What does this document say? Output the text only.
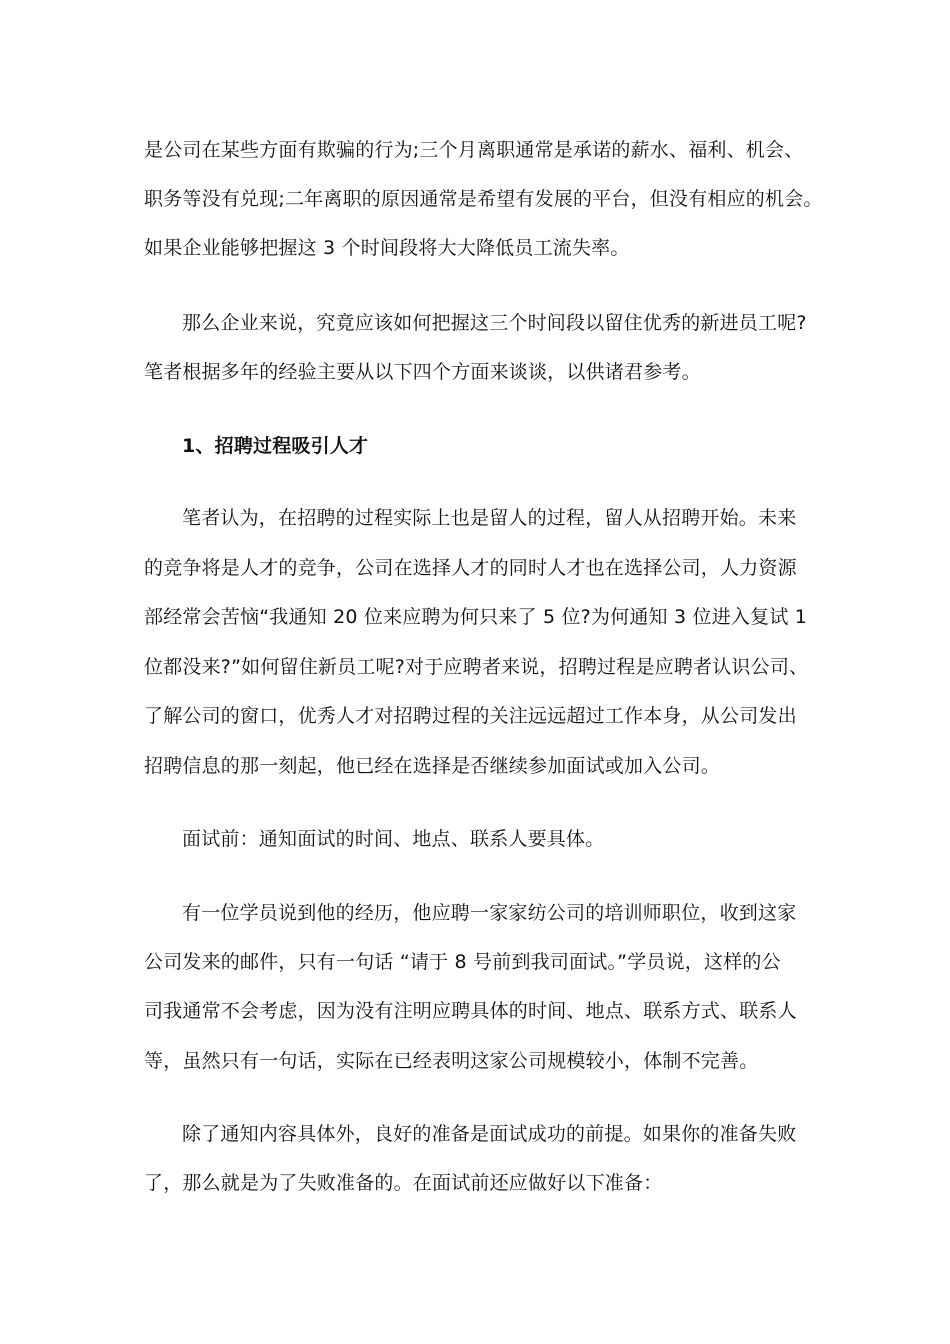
是公司在某些方面有欺骗的行为;三个月离职通常是承诺的薪水、福利、机会、
职务等没有兑现;二年离职的原因通常是希望有发展的平台，但没有相应的机会。
如果企业能够把握这 3 个时间段将大大降低员工流失率。
那么企业来说，究竟应该如何把握这三个时间段以留住优秀的新进员工呢?
笔者根据多年的经验主要从以下四个方面来谈谈，以供诸君参考。
1、招聘过程吸引人才
笔者认为，在招聘的过程实际上也是留人的过程，留人从招聘开始。未来
的竞争将是人才的竞争，公司在选择人才的同时人才也在选择公司，人力资源
部经常会苦恼“我通知 20 位来应聘为何只来了 5 位?为何通知 3 位进入复试 1
位都没来?”如何留住新员工呢?对于应聘者来说，招聘过程是应聘者认识公司、
了解公司的窗口，优秀人才对招聘过程的关注远远超过工作本身，从公司发出
招聘信息的那一刻起，他已经在选择是否继续参加面试或加入公司。
面试前：通知面试的时间、地点、联系人要具体。
有一位学员说到他的经历，他应聘一家家纺公司的培训师职位，收到这家
公司发来的邮件，只有一句话 “请于 8 号前到我司面试。”学员说，这样的公
司我通常不会考虑，因为没有注明应聘具体的时间、地点、联系方式、联系人
等，虽然只有一句话，实际在已经表明这家公司规模较小，体制不完善。
除了通知内容具体外，良好的准备是面试成功的前提。如果你的准备失败
了，那么就是为了失败准备的。在面试前还应做好以下准备：
